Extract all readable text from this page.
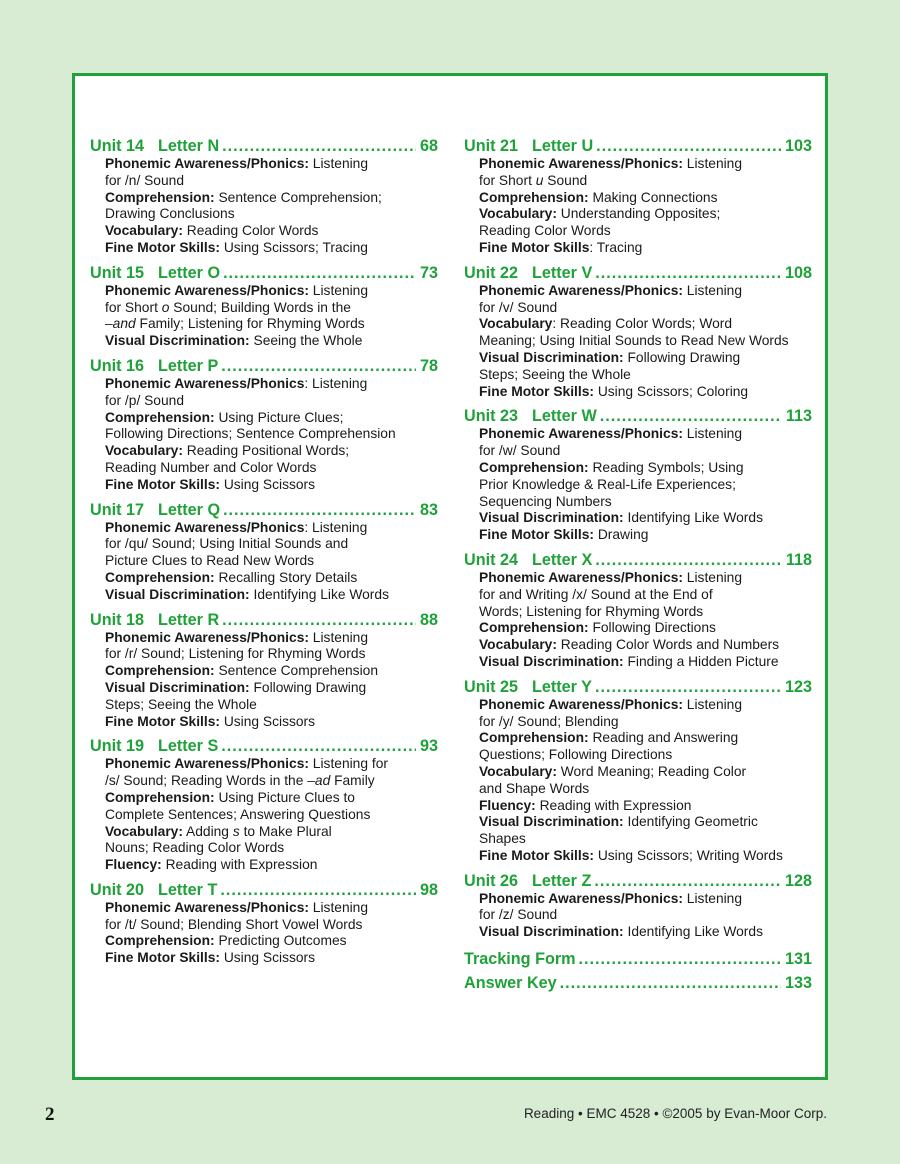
Unit 14 Letter N .....	68
Phonemic Awareness/Phonics: Listening
for /n/ Sound
Comprehension: Sentence Comprehension;
Drawing Conclusions
Vocabulary: Reading Color Words
Fine Motor Skills: Using Scissors; Tracing
Unit 15 Letter O .....	73
Phonemic Awareness/Phonics: Listening
for Short o Sound; Building Words in the
–and Family; Listening for Rhyming Words
Visual Discrimination: Seeing the Whole
Unit 16 Letter P .....	78
Phonemic Awareness/Phonics: Listening
for /p/ Sound
Comprehension: Using Picture Clues;
Following Directions; Sentence Comprehension
Vocabulary: Reading Positional Words;
Reading Number and Color Words
Fine Motor Skills: Using Scissors
Unit 17 Letter Q .....	83
Phonemic Awareness/Phonics: Listening
for /qu/ Sound; Using Initial Sounds and
Picture Clues to Read New Words
Comprehension: Recalling Story Details
Visual Discrimination: Identifying Like Words
Unit 18 Letter R .....	88
Phonemic Awareness/Phonics: Listening
for /r/ Sound; Listening for Rhyming Words
Comprehension: Sentence Comprehension
Visual Discrimination: Following Drawing
Steps; Seeing the Whole
Fine Motor Skills: Using Scissors
Unit 19 Letter S .....	93
Phonemic Awareness/Phonics: Listening for
/s/ Sound; Reading Words in the –ad Family
Comprehension: Using Picture Clues to
Complete Sentences; Answering Questions
Vocabulary: Adding s to Make Plural
Nouns; Reading Color Words
Fluency: Reading with Expression
Unit 20 Letter T .....	98
Phonemic Awareness/Phonics: Listening
for /t/ Sound; Blending Short Vowel Words
Comprehension: Predicting Outcomes
Fine Motor Skills: Using Scissors
Unit 21 Letter U .....	103
Phonemic Awareness/Phonics: Listening
for Short u Sound
Comprehension: Making Connections
Vocabulary: Understanding Opposites;
Reading Color Words
Fine Motor Skills: Tracing
Unit 22 Letter V .....	108
Phonemic Awareness/Phonics: Listening
for /v/ Sound
Vocabulary: Reading Color Words; Word
Meaning; Using Initial Sounds to Read New Words
Visual Discrimination: Following Drawing
Steps; Seeing the Whole
Fine Motor Skills: Using Scissors; Coloring
Unit 23 Letter W .....	113
Phonemic Awareness/Phonics: Listening
for /w/ Sound
Comprehension: Reading Symbols; Using
Prior Knowledge & Real-Life Experiences;
Sequencing Numbers
Visual Discrimination: Identifying Like Words
Fine Motor Skills: Drawing
Unit 24 Letter X .....	118
Phonemic Awareness/Phonics: Listening
for and Writing /x/ Sound at the End of
Words; Listening for Rhyming Words
Comprehension: Following Directions
Vocabulary: Reading Color Words and Numbers
Visual Discrimination: Finding a Hidden Picture
Unit 25 Letter Y .....	123
Phonemic Awareness/Phonics: Listening
for /y/ Sound; Blending
Comprehension: Reading and Answering
Questions; Following Directions
Vocabulary: Word Meaning; Reading Color
and Shape Words
Fluency: Reading with Expression
Visual Discrimination: Identifying Geometric
Shapes
Fine Motor Skills: Using Scissors; Writing Words
Unit 26 Letter Z .....	128
Phonemic Awareness/Phonics: Listening
for /z/ Sound
Visual Discrimination: Identifying Like Words
Tracking Form .....	131
Answer Key .....	133
2	Reading • EMC 4528 • ©2005 by Evan-Moor Corp.
